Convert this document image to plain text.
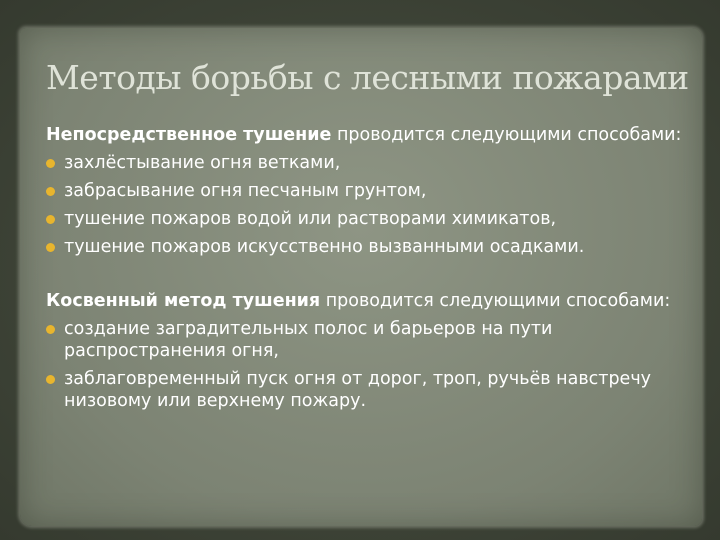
Методы борьбы с лесными пожарами

Непосредственное тушение проводится следующими способами:

захлёстывание огня ветками,
забрасывание огня песчаным грунтом,
тушение пожаров водой или растворами химикатов,
тушение пожаров искусственно вызванными осадками.

Косвенный метод тушения проводится следующими способами:

создание заградительных полос и барьеров на пути распространения огня,
заблаговременный пуск огня от дорог, троп, ручьёв навстречу низовому или верхнему пожару.
